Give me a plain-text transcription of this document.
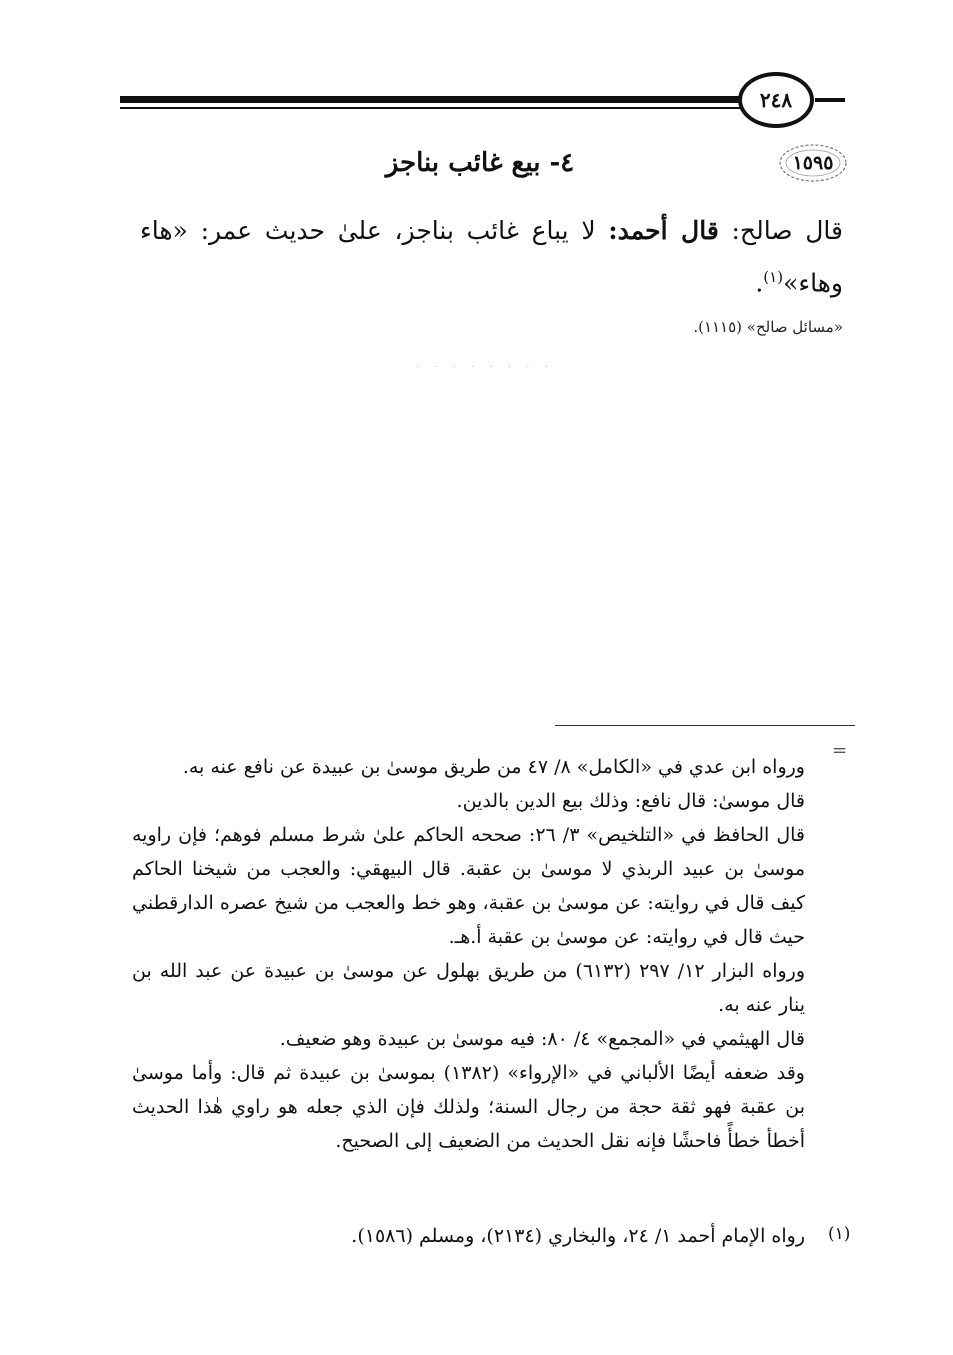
٢٤٨
١٥٩٥
٤- بيع غائب بناجز
قال صالح: قال أحمد: لا يباع غائب بناجز، علىٰ حديث عمر: «هاء وهاء»$^{(١)}$.
«مسائل صالح» (١١١٥).
· · · · · · · ·
=

ورواه ابن عدي في «الكامل» ٨/ ٤٧ من طريق موسىٰ بن عبيدة عن نافع عنه به.

قال موسىٰ: قال نافع: وذلك بيع الدين بالدين.

قال الحافظ في «التلخيص» ٣/ ٢٦: صححه الحاكم علىٰ شرط مسلم فوهم؛ فإن راويه موسىٰ بن عبيد الربذي لا موسىٰ بن عقبة. قال البيهقي: والعجب من شيخنا الحاكم كيف قال في روايته: عن موسىٰ بن عقبة، وهو خط والعجب من شيخ عصره الدارقطني حيث قال في روايته: عن موسىٰ بن عقبة أ.هـ.

ورواه البزار ١٢/ ٢٩٧ (٦١٣٢) من طريق بهلول عن موسىٰ بن عبيدة عن عبد الله بن ينار عنه به.

قال الهيثمي في «المجمع» ٤/ ٨٠: فيه موسىٰ بن عبيدة وهو ضعيف.

وقد ضعفه أيضًا الألباني في «الإرواء» (١٣٨٢) بموسىٰ بن عبيدة ثم قال: وأما موسىٰ بن عقبة فهو ثقة حجة من رجال السنة؛ ولذلك فإن الذي جعله هو راوي هٰذا الحديث أخطأ خطأً فاحشًا فإنه نقل الحديث من الضعيف إلى الصحيح.

(١)
رواه الإمام أحمد ١/ ٢٤، والبخاري (٢١٣٤)، ومسلم (١٥٨٦).
